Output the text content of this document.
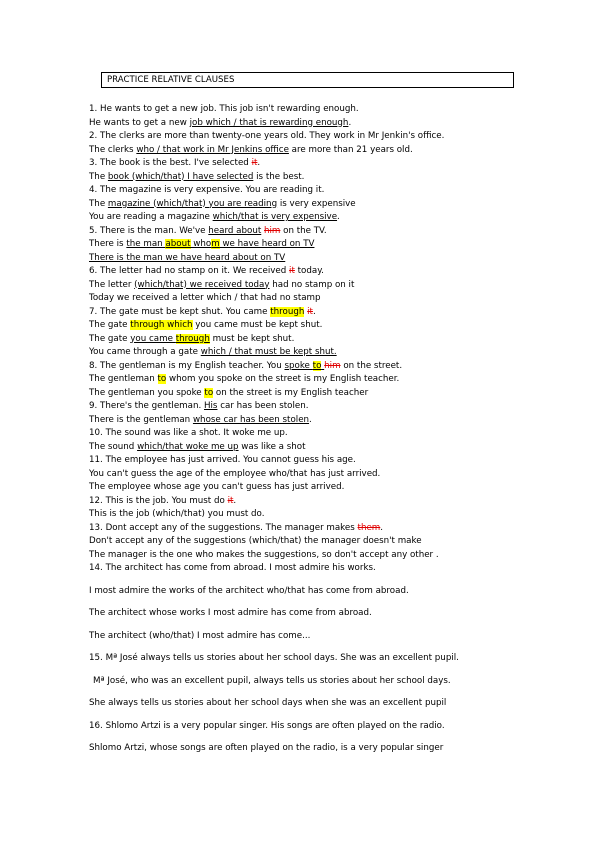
PRACTICE RELATIVE CLAUSES
1. He wants to get a new job. This job isn't rewarding enough.
He wants to get a new job which / that is rewarding enough.
2. The clerks are more than twenty-one years old. They work in Mr Jenkin's office.
The clerks who / that work in Mr Jenkins office are more than 21 years old.
3. The book is the best. I've selected it.
The book (which/that) I have selected is the best.
4. The magazine is very expensive. You are reading it.
The magazine (which/that) you are reading is very expensive
You are reading a magazine which/that is very expensive.
5. There is the man. We've heard about him on the TV.
There is the man about whom we have heard on TV
There is the man we have heard about on TV
6. The letter had no stamp on it. We received it today.
The letter (which/that) we received today had no stamp on it
Today we received a letter which / that had no stamp
7. The gate must be kept shut. You came through it.
The gate through which you came must be kept shut.
The gate you came through must be kept shut.
You came through a gate which / that must be kept shut.
8. The gentleman is my English teacher. You spoke to him on the street.
The gentleman to whom you spoke on the street is my English teacher.
The gentleman you spoke to on the street is my English teacher
9. There's the gentleman. His car has been stolen.
There is the gentleman whose car has been stolen.
10. The sound was like a shot. It woke me up.
The sound which/that woke me up was like a shot
11. The employee has just arrived. You cannot guess his age.
You can't guess the age of the employee who/that has just arrived.
The employee whose age you can't guess has just arrived.
12. This is the job. You must do it.
This is the job (which/that) you must do.
13. Dont accept any of the suggestions. The manager makes them.
Don't accept any of the suggestions (which/that) the manager doesn't make
The manager is the one who makes the suggestions, so don't accept any other .
14. The architect has come from abroad. I most admire his works.
I most admire the works of the architect who/that has come from abroad.
The architect whose works I most admire has come from abroad.
The architect (who/that) I most admire has come...
15. Mª José always tells us stories about her school days. She was an excellent pupil.
Mª José, who was an excellent pupil, always tells us stories about her school days.
She always tells us stories about her school days when she was an excellent pupil
16. Shlomo Artzi is a very popular singer. His songs are often played on the radio.
Shlomo Artzi, whose songs are often played on the radio, is a very popular singer
